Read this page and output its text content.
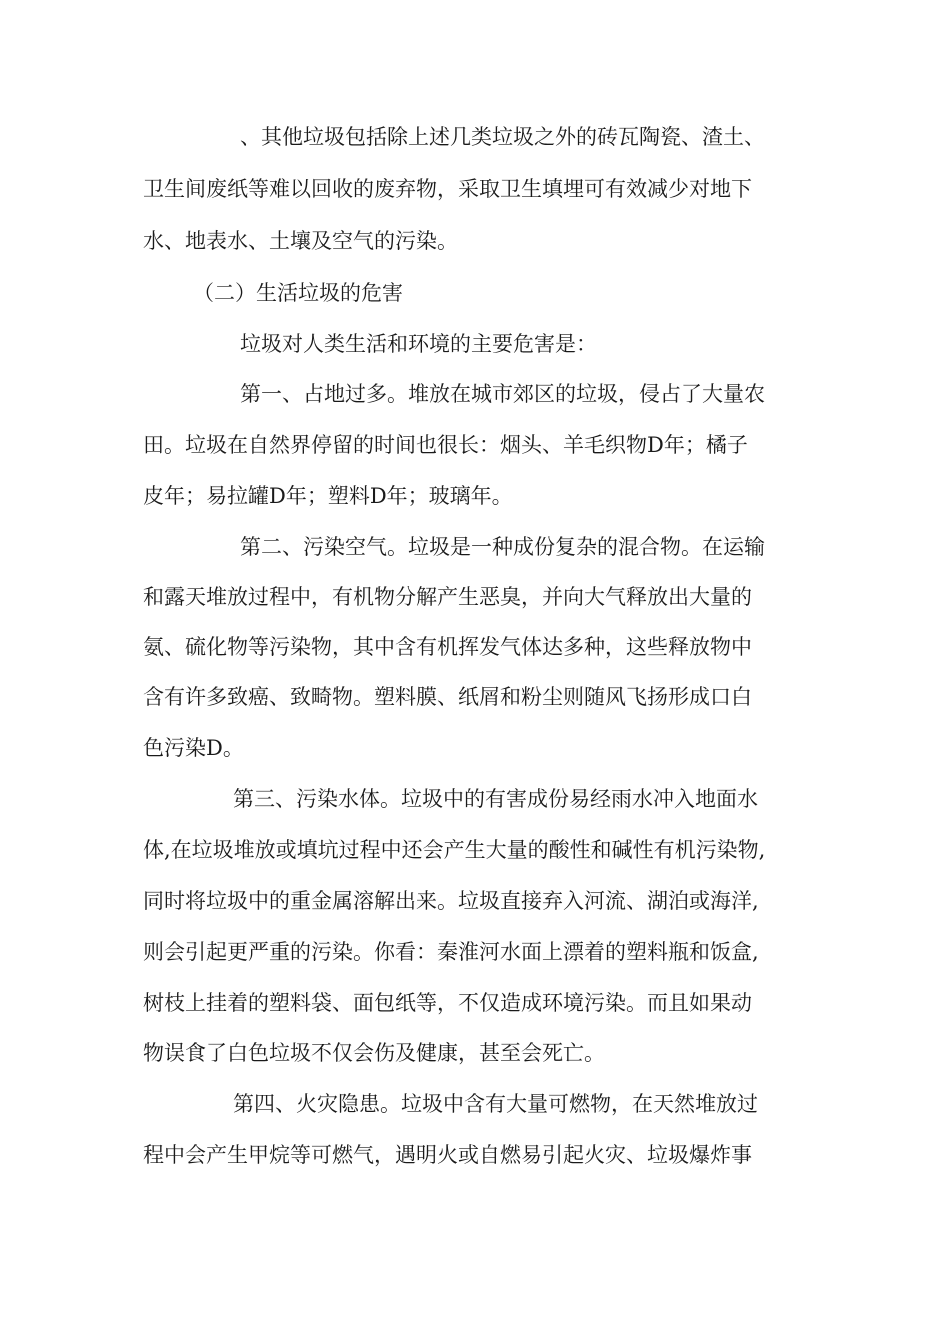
、其他垃圾包括除上述几类垃圾之外的砖瓦陶瓷、渣土、
卫生间废纸等难以回收的废弃物，采取卫生填埋可有效减少对地下
水、地表水、土壤及空气的污染。
（二）生活垃圾的危害
垃圾对人类生活和环境的主要危害是：
第一、占地过多。堆放在城市郊区的垃圾，侵占了大量农
田。垃圾在自然界停留的时间也很长：烟头、羊毛织物D年；橘子
皮年；易拉罐D年；塑料D年；玻璃年。
第二、污染空气。垃圾是一种成份复杂的混合物。在运输
和露天堆放过程中，有机物分解产生恶臭，并向大气释放出大量的
氨、硫化物等污染物，其中含有机挥发气体达多种，这些释放物中
含有许多致癌、致畸物。塑料膜、纸屑和粉尘则随风飞扬形成口白
色污染D。
第三、污染水体。垃圾中的有害成份易经雨水冲入地面水
体,在垃圾堆放或填坑过程中还会产生大量的酸性和碱性有机污染物,
同时将垃圾中的重金属溶解出来。垃圾直接弃入河流、湖泊或海洋,
则会引起更严重的污染。你看：秦淮河水面上漂着的塑料瓶和饭盒,
树枝上挂着的塑料袋、面包纸等，不仅造成环境污染。而且如果动
物误食了白色垃圾不仅会伤及健康，甚至会死亡。
第四、火灾隐患。垃圾中含有大量可燃物，在天然堆放过
程中会产生甲烷等可燃气，遇明火或自燃易引起火灾、垃圾爆炸事
